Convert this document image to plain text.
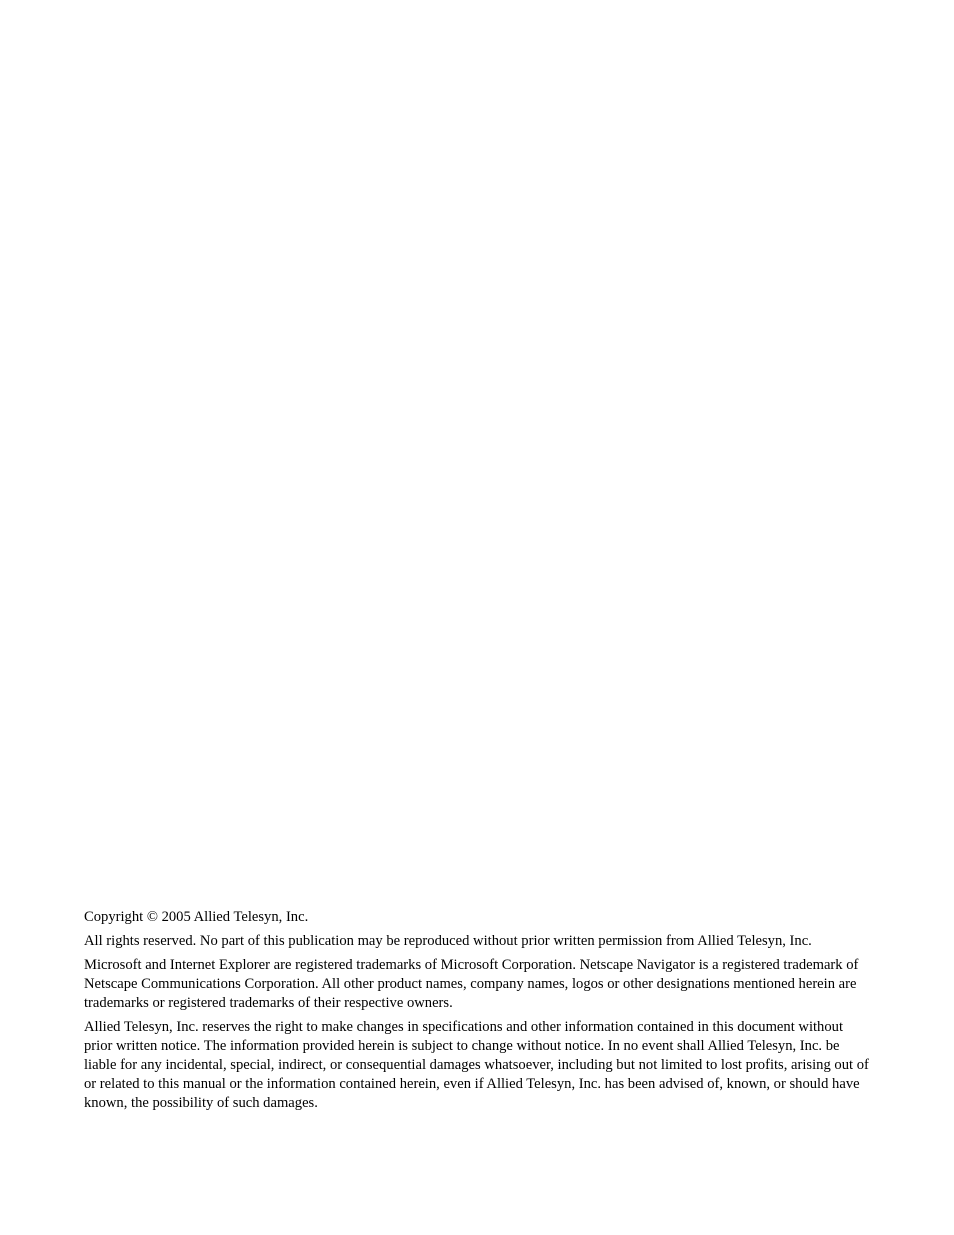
Copyright © 2005 Allied Telesyn, Inc.

All rights reserved. No part of this publication may be reproduced without prior written permission from Allied Telesyn, Inc.

Microsoft and Internet Explorer are registered trademarks of Microsoft Corporation. Netscape Navigator is a registered trademark of Netscape Communications Corporation. All other product names, company names, logos or other designations mentioned herein are trademarks or registered trademarks of their respective owners.

Allied Telesyn, Inc. reserves the right to make changes in specifications and other information contained in this document without prior written notice. The information provided herein is subject to change without notice. In no event shall Allied Telesyn, Inc. be liable for any incidental, special, indirect, or consequential damages whatsoever, including but not limited to lost profits, arising out of or related to this manual or the information contained herein, even if Allied Telesyn, Inc. has been advised of, known, or should have known, the possibility of such damages.
